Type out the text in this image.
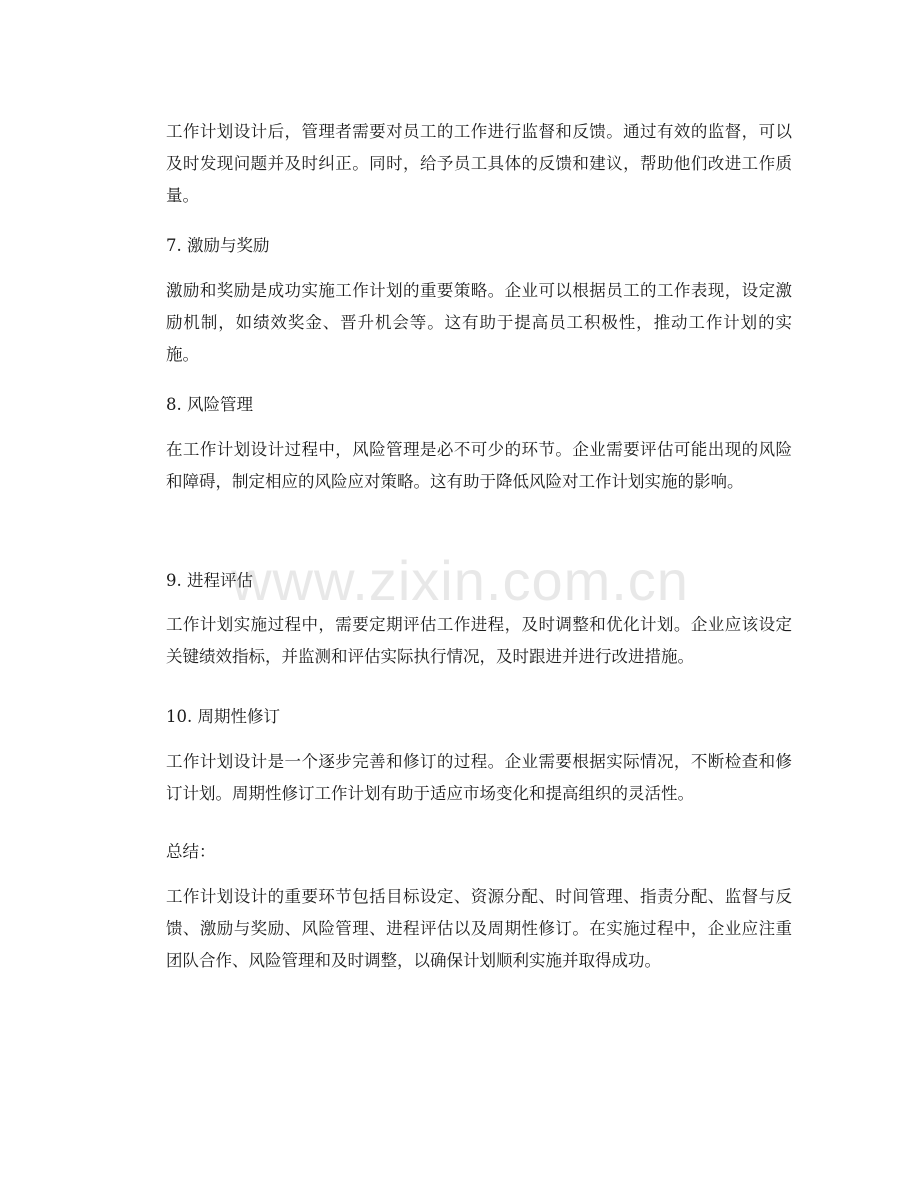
www.zixin.com.cn

工作计划设计后，管理者需要对员工的工作进行监督和反馈。通过有效的监督，可以及时发现问题并及时纠正。同时，给予员工具体的反馈和建议，帮助他们改进工作质量。

7. 激励与奖励

激励和奖励是成功实施工作计划的重要策略。企业可以根据员工的工作表现，设定激励机制，如绩效奖金、晋升机会等。这有助于提高员工积极性，推动工作计划的实施。

8. 风险管理

在工作计划设计过程中，风险管理是必不可少的环节。企业需要评估可能出现的风险和障碍，制定相应的风险应对策略。这有助于降低风险对工作计划实施的影响。

9. 进程评估

工作计划实施过程中，需要定期评估工作进程，及时调整和优化计划。企业应该设定关键绩效指标，并监测和评估实际执行情况，及时跟进并进行改进措施。

10. 周期性修订

工作计划设计是一个逐步完善和修订的过程。企业需要根据实际情况，不断检查和修订计划。周期性修订工作计划有助于适应市场变化和提高组织的灵活性。

总结：

工作计划设计的重要环节包括目标设定、资源分配、时间管理、指责分配、监督与反馈、激励与奖励、风险管理、进程评估以及周期性修订。在实施过程中，企业应注重团队合作、风险管理和及时调整，以确保计划顺利实施并取得成功。
